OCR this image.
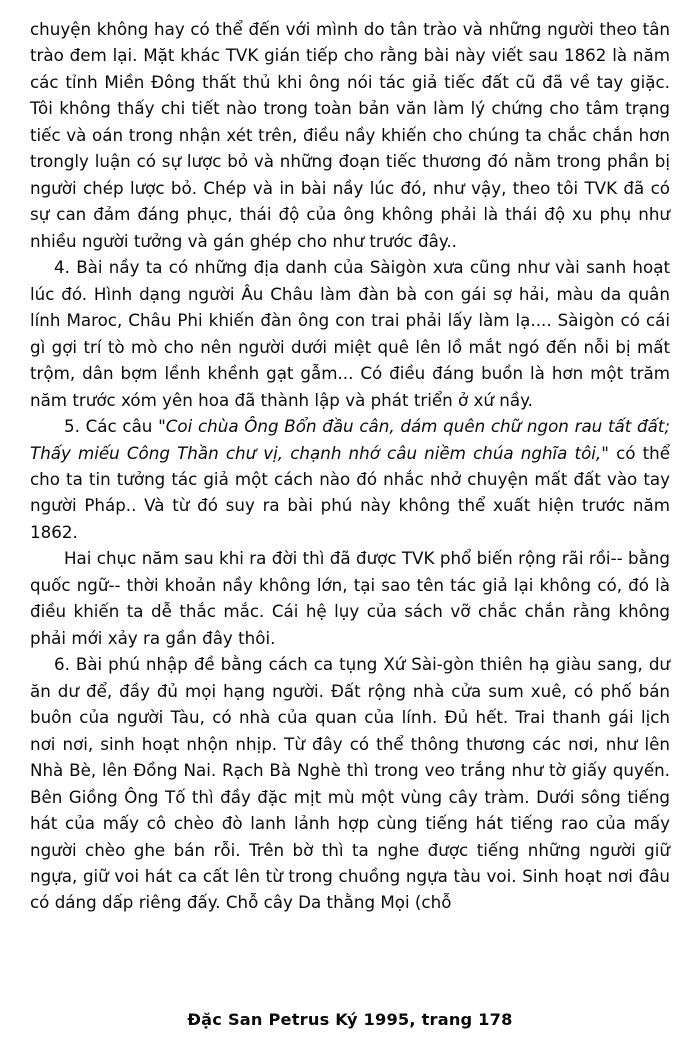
chuyện không hay có thể đến với mình do tân trào và những người theo tân trào đem lại. Mặt khác TVK gián tiếp cho rằng bài này viết sau 1862 là năm các tỉnh Miền Đông thất thủ khi ông nói tác giả tiếc đất cũ đã về tay giặc. Tôi không thấy chi tiết nào trong toàn bản văn làm lý chứng cho tâm trạng tiếc và oán trong nhận xét trên, điều nầy khiến cho chúng ta chắc chắn hơn trongly luận có sự lược bỏ và những đoạn tiếc thương đó nằm trong phần bị người chép lược bỏ. Chép và in bài nầy lúc đó, như vậy, theo tôi TVK đã có sự can đảm đáng phục, thái độ của ông không phải là thái độ xu phụ như nhiều người tưởng và gán ghép cho như trước đây..

4. Bài nầy ta có những địa danh của Sàigòn xưa cũng như vài sanh hoạt lúc đó. Hình dạng người Âu Châu làm đàn bà con gái sợ hải, màu da quân lính Maroc, Châu Phi khiến đàn ông con trai phải lấy làm lạ.... Sàigòn có cái gì gợi trí tò mò cho nên người dưới miệt quê lên lồ mắt ngó đến nỗi bị mất trộm, dân bợm lềnh khềnh gạt gẫm... Có điều đáng buồn là hơn một trăm năm trước xóm yên hoa đã thành lập và phát triển ở xứ nầy.

5. Các câu "Coi chùa Ông Bổn đầu cân, dám quên chữ ngon rau tất đất; Thấy miếu Công Thần chư vị, chạnh nhớ câu niềm chúa nghĩa tôi," có thể cho ta tin tưởng tác giả một cách nào đó nhắc nhở chuyện mất đất vào tay người Pháp.. Và từ đó suy ra bài phú này không thể xuất hiện trước năm 1862.

Hai chục năm sau khi ra đời thì đã được TVK phổ biến rộng rãi rồi-- bằng quốc ngữ-- thời khoản nầy không lớn, tại sao tên tác giả lại không có, đó là điều khiến ta dễ thắc mắc. Cái hệ lụy của sách vỡ chắc chắn rằng không phải mới xảy ra gần đây thôi.

6. Bài phú nhập đề bằng cách ca tụng Xứ Sài-gòn thiên hạ giàu sang, dư ăn dư để, đầy đủ mọi hạng người. Đất rộng nhà cửa sum xuê, có phố bán buôn của người Tàu, có nhà của quan của lính. Đủ hết. Trai thanh gái lịch nơi nơi, sinh hoạt nhộn nhịp. Từ đây có thể thông thương các nơi, như lên Nhà Bè, lên Đồng Nai. Rạch Bà Nghè thì trong veo trắng như tờ giấy quyến. Bên Giồng Ông Tố thì đầy đặc mịt mù một vùng cây tràm. Dưới sông tiếng hát của mấy cô chèo đò lanh lảnh hợp cùng tiếng hát tiếng rao của mấy người chèo ghe bán rỗi. Trên bờ thì ta nghe được tiếng những người giữ ngựa, giữ voi hát ca cất lên từ trong chuồng ngựa tàu voi. Sinh hoạt nơi đâu có dáng dấp riêng đấy. Chỗ cây Da thằng Mọi (chỗ

Đặc San Petrus Ký 1995, trang 178
